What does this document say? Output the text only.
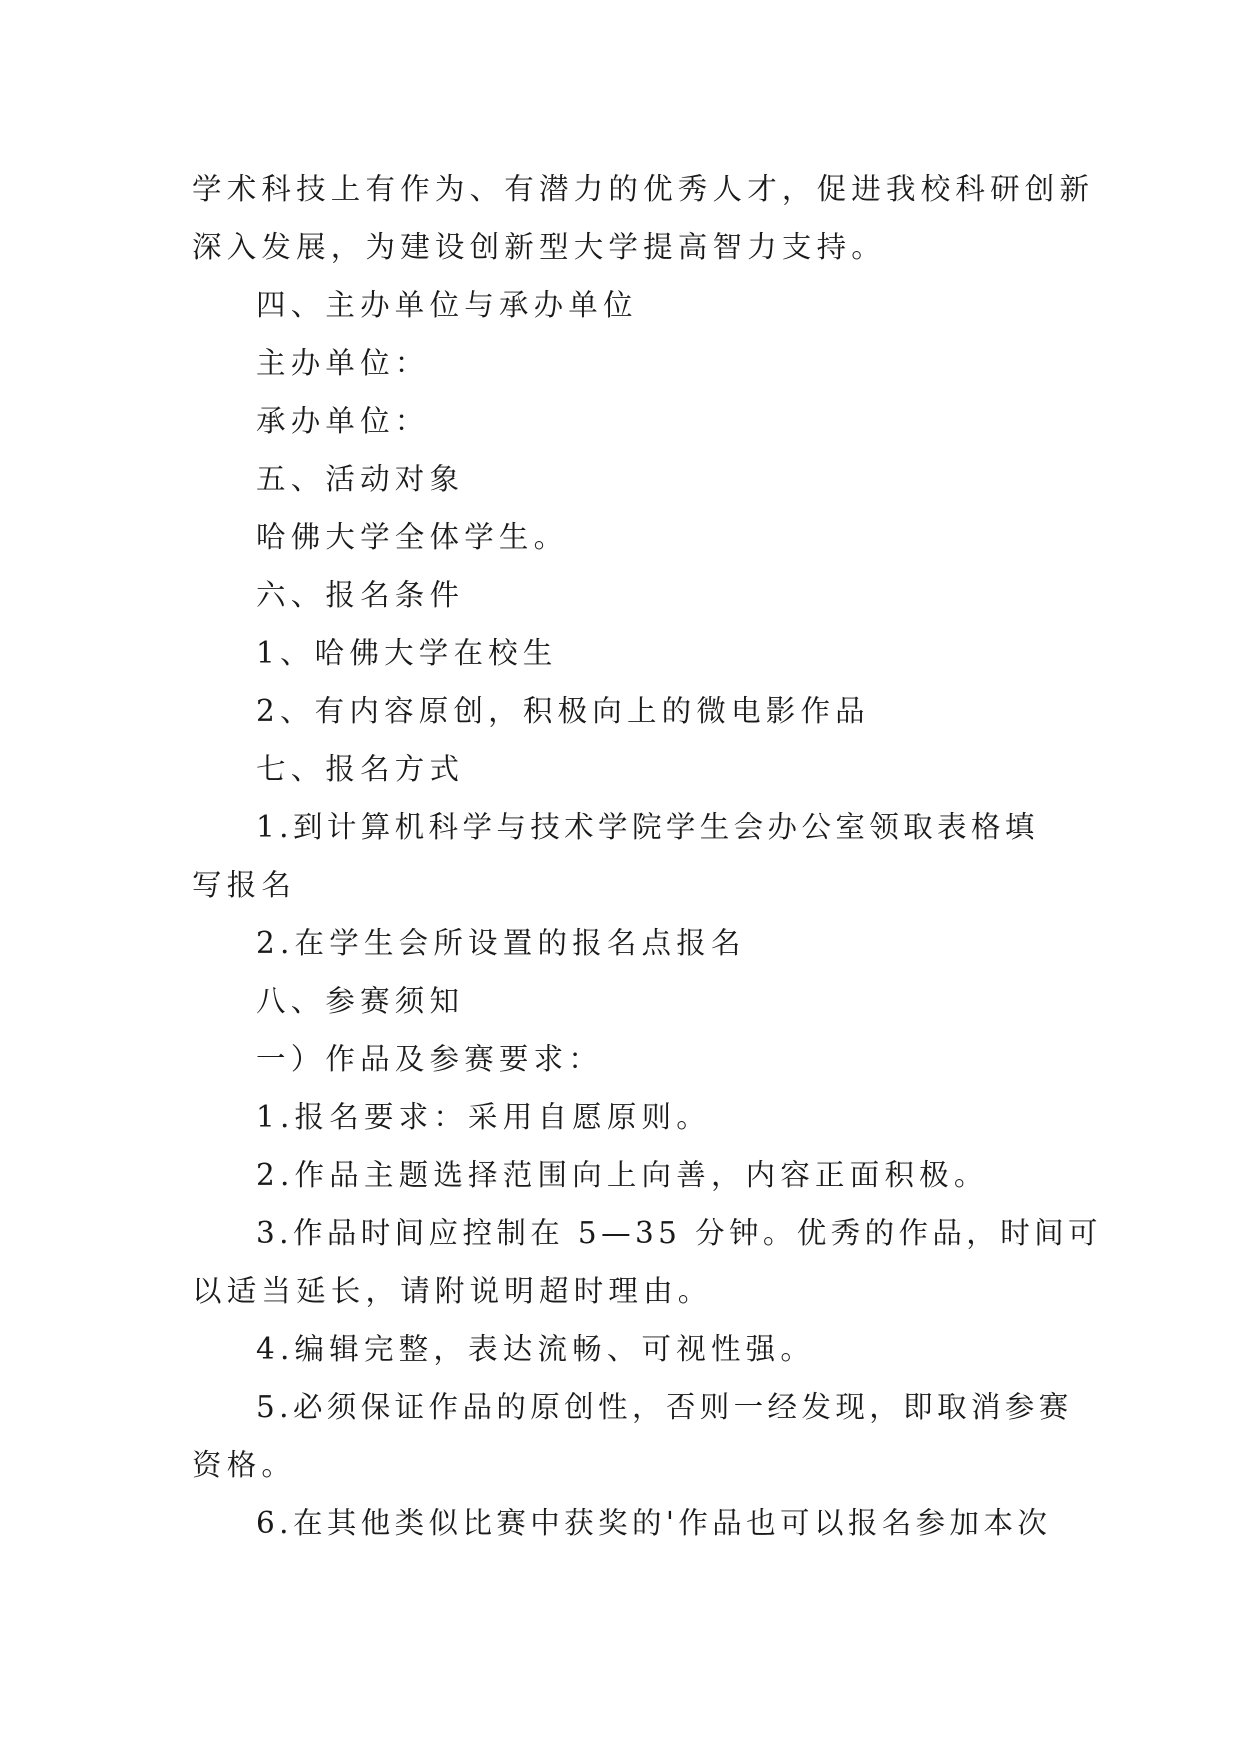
学术科技上有作为、有潜力的优秀人才，促进我校科研创新
深入发展，为建设创新型大学提高智力支持。
四、主办单位与承办单位
主办单位：
承办单位：
五、活动对象
哈佛大学全体学生。
六、报名条件
1、哈佛大学在校生
2、有内容原创，积极向上的微电影作品
七、报名方式
1.到计算机科学与技术学院学生会办公室领取表格填
写报名
2.在学生会所设置的报名点报名
八、参赛须知
一）作品及参赛要求：
1.报名要求：采用自愿原则。
2.作品主题选择范围向上向善，内容正面积极。
3.作品时间应控制在 5—35 分钟。优秀的作品，时间可
以适当延长，请附说明超时理由。
4.编辑完整，表达流畅、可视性强。
5.必须保证作品的原创性，否则一经发现，即取消参赛
资格。
6.在其他类似比赛中获奖的'作品也可以报名参加本次
